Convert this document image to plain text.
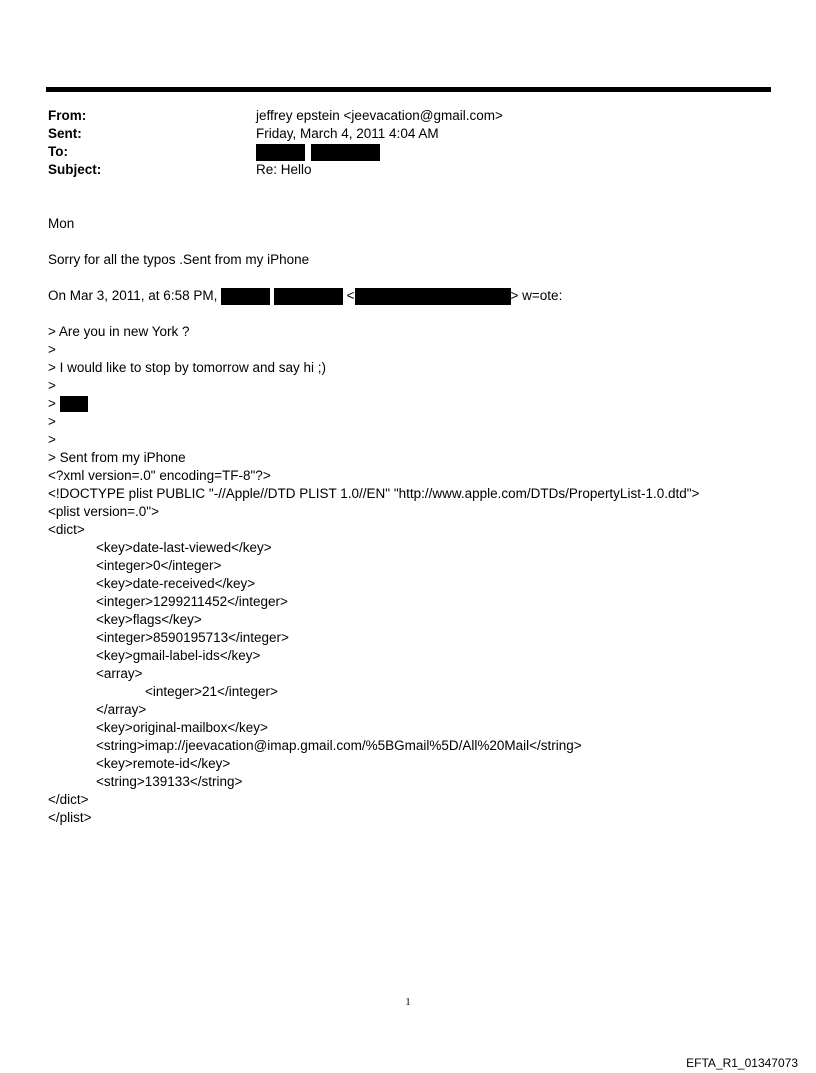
From:	jeffrey epstein <jeevacation@gmail.com>
Sent:	Friday, March 4, 2011 4:04 AM
To:

Subject:	Re: Hello
Mon
Sorry for all the typos .Sent from my iPhone
On Mar 3, 2011, at 6:58 PM,	<	> w=ote:
> Are you in new York ?
>
> I would like to stop by tomorrow and say hi ;)
>
>
>
>
> Sent from my iPhone
<?xml version=.0" encoding=TF-8"?>
<!DOCTYPE plist PUBLIC "-//Apple//DTD PLIST 1.0//EN" "http://www.apple.com/DTDs/PropertyList-1.0.dtd">
<plist version=.0">
<dict>
<key>date-last-viewed</key>
<integer>0</integer>
<key>date-received</key>
<integer>1299211452</integer>
<key>flags</key>
<integer>8590195713</integer>
<key>gmail-label-ids</key>
<array>
<integer>21</integer>
</array>
<key>original-mailbox</key>
<string>imap://jeevacation@imap.gmail.com/%5BGmail%5D/All%20Mail</string>
<key>remote-id</key>
<string>139133</string>
</dict>
</plist>
1
EFTA_R1_01347073
